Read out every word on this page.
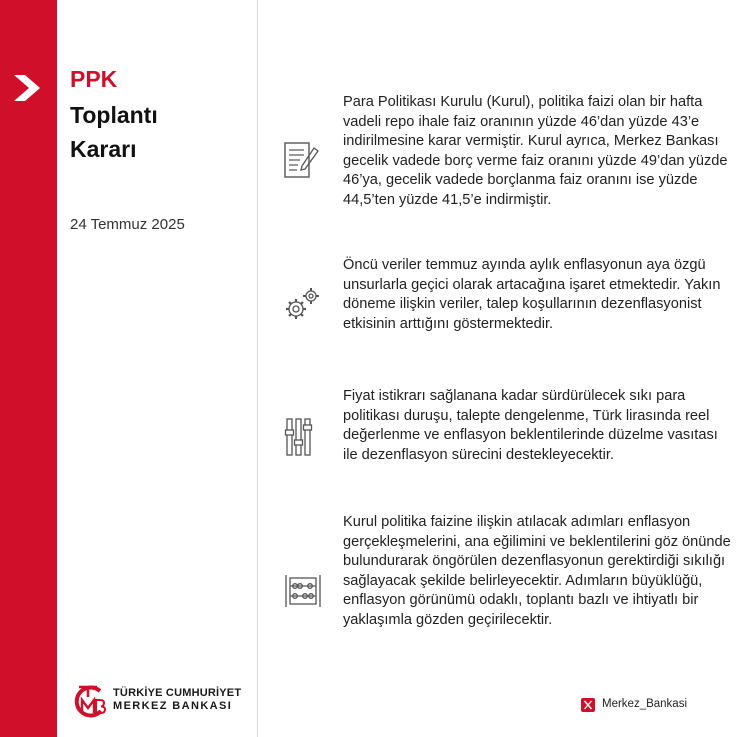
PPK
Toplantı
Kararı
24 Temmuz 2025
Para Politikası Kurulu (Kurul), politika faizi olan bir hafta vadeli repo ihale faiz oranının yüzde 46’dan yüzde 43’e indirilmesine karar vermiştir. Kurul ayrıca, Merkez Bankası gecelik vadede borç verme faiz oranını yüzde 49’dan yüzde 46’ya, gecelik vadede borçlanma faiz oranını ise yüzde 44,5’ten yüzde 41,5’e indirmiştir.
Öncü veriler temmuz ayında aylık enflasyonun aya özgü unsurlarla geçici olarak artacağına işaret etmektedir. Yakın döneme ilişkin veriler, talep koşullarının dezenflasyonist etkisinin arttığını göstermektedir.
Fiyat istikrarı sağlanana kadar sürdürülecek sıkı para politikası duruşu, talepte dengelenme, Türk lirasında reel değerlenme ve enflasyon beklentilerinde düzelme vasıtası ile dezenflasyon sürecini destekleyecektir.
Kurul politika faizine ilişkin atılacak adımları enflasyon gerçekleşmelerini, ana eğilimini ve beklentilerini göz önünde bulundurarak öngörülen dezenflasyonun gerektirdiği sıkılığı sağlayacak şekilde belirleyecektir. Adımların büyüklüğü, enflasyon görünümü odaklı, toplantı bazlı ve ihtiyatlı bir yaklaşımla gözden geçirilecektir.
TÜRKİYE CUMHURİYET
MERKEZ BANKASI	Merkez_Bankasi
